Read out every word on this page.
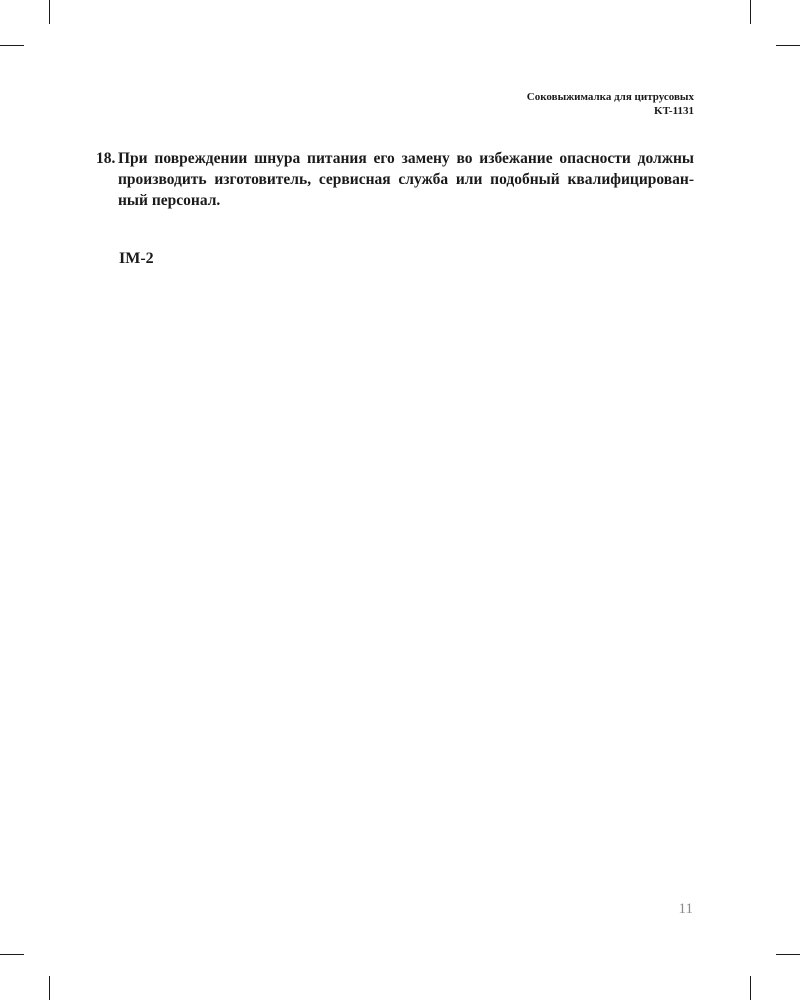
Соковыжималка для цитрусовых
KT-1131
18. При повреждении шнура питания его замену во избежание опасности должны производить изготовитель, сервисная служба или подобный квалифицирован-ный персонал.
IM-2
11
